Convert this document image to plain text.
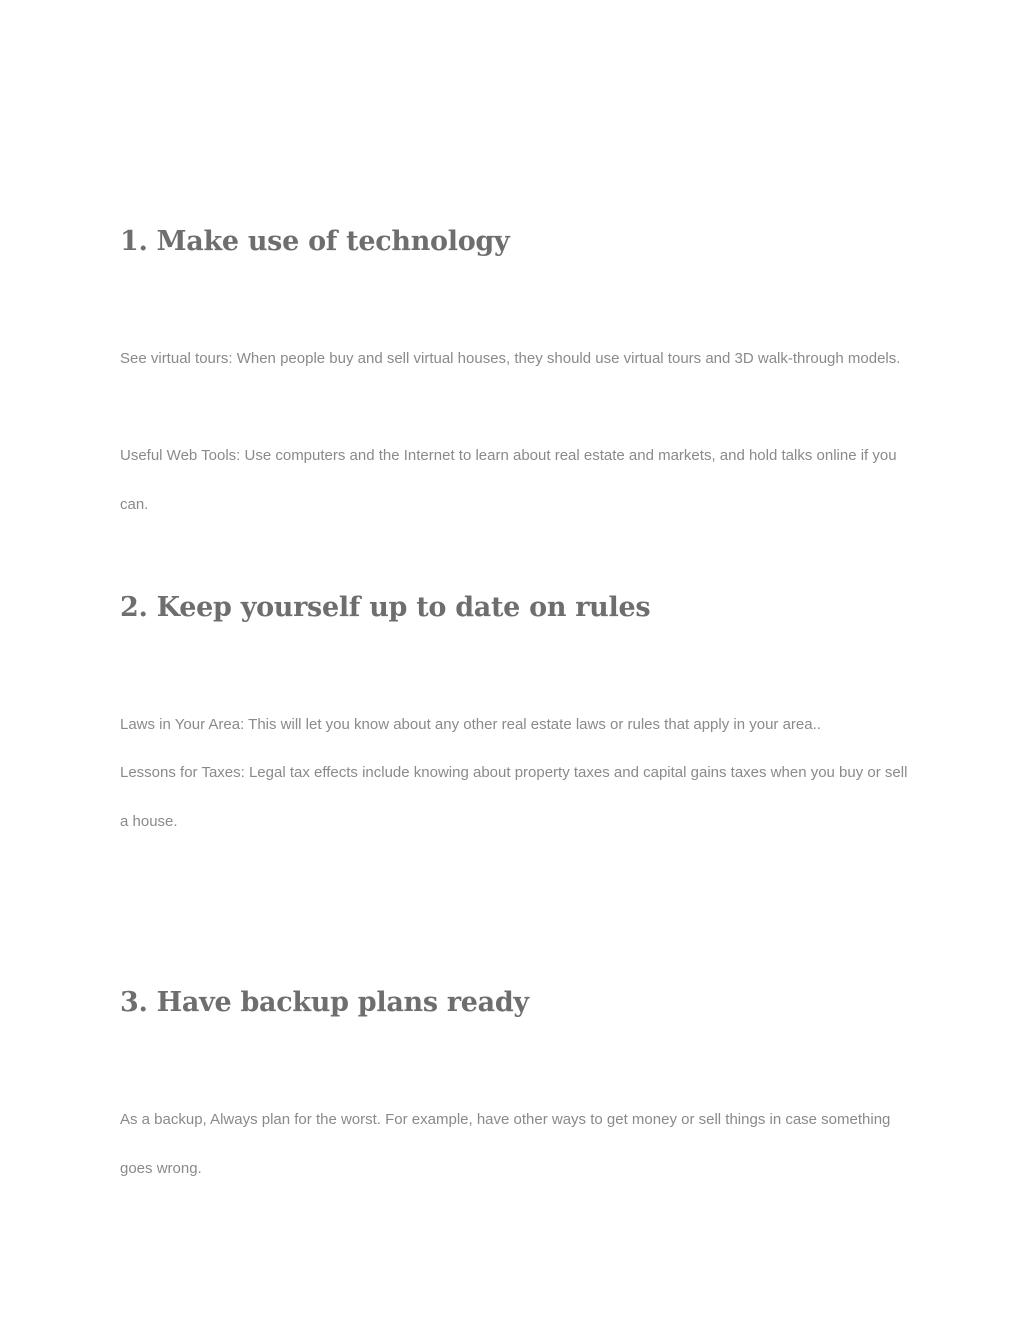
1. Make use of technology

See virtual tours: When people buy and sell virtual houses, they should use virtual tours and 3D walk-through models.

Useful Web Tools: Use computers and the Internet to learn about real estate and markets, and hold talks online if you can.

2. Keep yourself up to date on rules

Laws in Your Area: This will let you know about any other real estate laws or rules that apply in your area..

Lessons for Taxes: Legal tax effects include knowing about property taxes and capital gains taxes when you buy or sell a house.

3. Have backup plans ready

As a backup, Always plan for the worst. For example, have other ways to get money or sell things in case something goes wrong.
